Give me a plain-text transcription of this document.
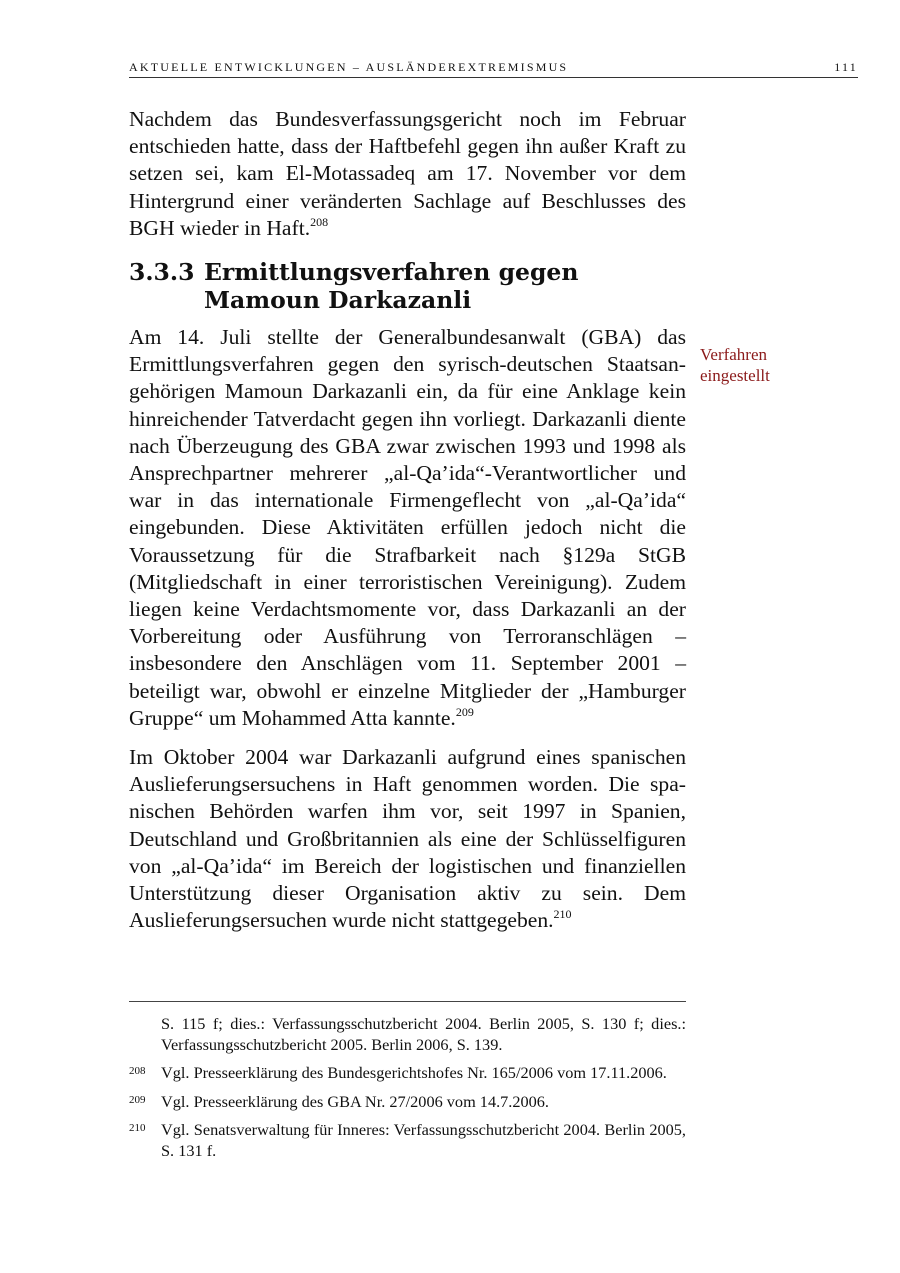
AKTUELLE ENTWICKLUNGEN – AUSLÄNDEREXTREMISMUS	111

Nachdem das Bundesverfassungsgericht noch im Februar entschieden hatte, dass der Haftbefehl gegen ihn außer Kraft zu setzen sei, kam El-Motassadeq am 17. November vor dem Hintergrund einer veränderten Sachlage auf Beschlusses des BGH wieder in Haft.$^{208}$

3.3.3 Ermittlungsverfahren gegen Mamoun Darkazanli

Am 14. Juli stellte der Generalbundesanwalt (GBA) das Ermittlungsverfahren gegen den syrisch-deutschen Staatsangehörigen Mamoun Darkazanli ein, da für eine Anklage kein hinreichender Tatverdacht gegen ihn vorliegt. Darkazanli diente nach Überzeugung des GBA zwar zwischen 1993 und 1998 als Ansprechpartner mehrerer „al-Qa’ida“-Verantwortlicher und war in das internationale Firmengeflecht von „al-Qa’ida“ eingebunden. Diese Aktivitäten erfüllen jedoch nicht die Voraussetzung für die Strafbarkeit nach §129a StGB (Mitgliedschaft in einer terroristischen Vereinigung). Zudem liegen keine Verdachtsmomente vor, dass Darkazanli an der Vorbereitung oder Ausführung von Terroranschlägen – insbesondere den Anschlägen vom 11. September 2001 – beteiligt war, obwohl er einzelne Mitglieder der „Hamburger Gruppe“ um Mohammed Atta kannte.$^{209}$

Im Oktober 2004 war Darkazanli aufgrund eines spanischen Auslieferungsersuchens in Haft genommen worden. Die spanischen Behörden warfen ihm vor, seit 1997 in Spanien, Deutschland und Großbritannien als eine der Schlüsselfiguren von „al-Qa’ida“ im Bereich der logistischen und finanziellen Unterstützung dieser Organisation aktiv zu sein. Dem Auslieferungsersuchen wurde nicht stattgegeben.$^{210}$

Verfahren eingestellt
S. 115 f; dies.: Verfassungsschutzbericht 2004. Berlin 2005, S. 130 f; dies.: Verfassungsschutzbericht 2005. Berlin 2006, S. 139.
208 Vgl. Presseerklärung des Bundesgerichtshofes Nr. 165/2006 vom 17.11.2006.
209 Vgl. Presseerklärung des GBA Nr. 27/2006 vom 14.7.2006.
210 Vgl. Senatsverwaltung für Inneres: Verfassungsschutzbericht 2004. Berlin 2005, S. 131 f.
